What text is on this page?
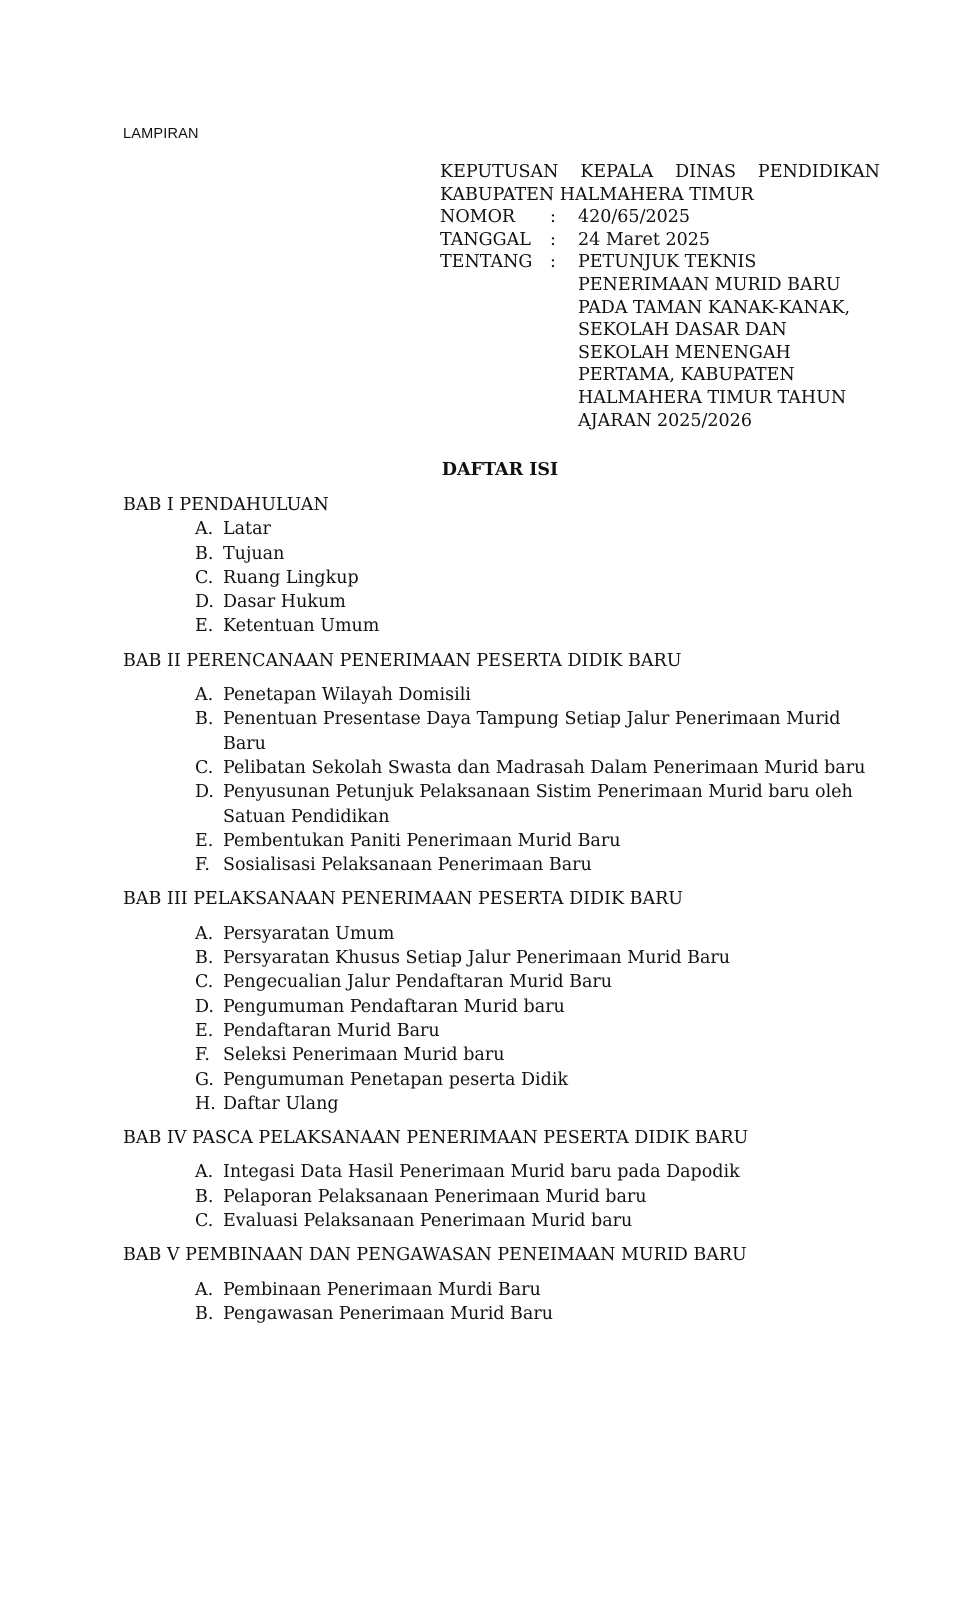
LAMPIRAN
KEPUTUSAN KEPALA DINAS PENDIDIKAN
KABUPATEN HALMAHERA TIMUR
NOMOR	:	420/65/2025
TANGGAL	:	24 Maret 2025
TENTANG	:	PETUNJUK TEKNIS
PENERIMAAN MURID BARU
PADA TAMAN KANAK-KANAK,
SEKOLAH DASAR DAN
SEKOLAH MENENGAH
PERTAMA, KABUPATEN
HALMAHERA TIMUR TAHUN
AJARAN 2025/2026
DAFTAR ISI
BAB I PENDAHULUAN
A. Latar
B. Tujuan
C. Ruang Lingkup
D. Dasar Hukum
E. Ketentuan Umum
BAB II PERENCANAAN PENERIMAAN PESERTA DIDIK BARU
A. Penetapan Wilayah Domisili
B. Penentuan Presentase Daya Tampung Setiap Jalur Penerimaan Murid Baru
C. Pelibatan Sekolah Swasta dan Madrasah Dalam Penerimaan Murid baru
D. Penyusunan Petunjuk Pelaksanaan Sistim Penerimaan Murid baru oleh Satuan Pendidikan
E. Pembentukan Paniti Penerimaan Murid Baru
F. Sosialisasi Pelaksanaan Penerimaan Baru
BAB III PELAKSANAAN PENERIMAAN PESERTA DIDIK BARU
A. Persyaratan Umum
B. Persyaratan Khusus Setiap Jalur Penerimaan Murid Baru
C. Pengecualian Jalur Pendaftaran Murid Baru
D. Pengumuman Pendaftaran Murid baru
E. Pendaftaran Murid Baru
F. Seleksi Penerimaan Murid baru
G. Pengumuman Penetapan peserta Didik
H. Daftar Ulang
BAB IV PASCA PELAKSANAAN PENERIMAAN PESERTA DIDIK BARU
A. Integasi Data Hasil Penerimaan Murid baru pada Dapodik
B. Pelaporan Pelaksanaan Penerimaan Murid baru
C. Evaluasi Pelaksanaan Penerimaan Murid baru
BAB V PEMBINAAN DAN PENGAWASAN PENEIMAAN MURID BARU
A. Pembinaan Penerimaan Murdi Baru
B. Pengawasan Penerimaan Murid Baru
